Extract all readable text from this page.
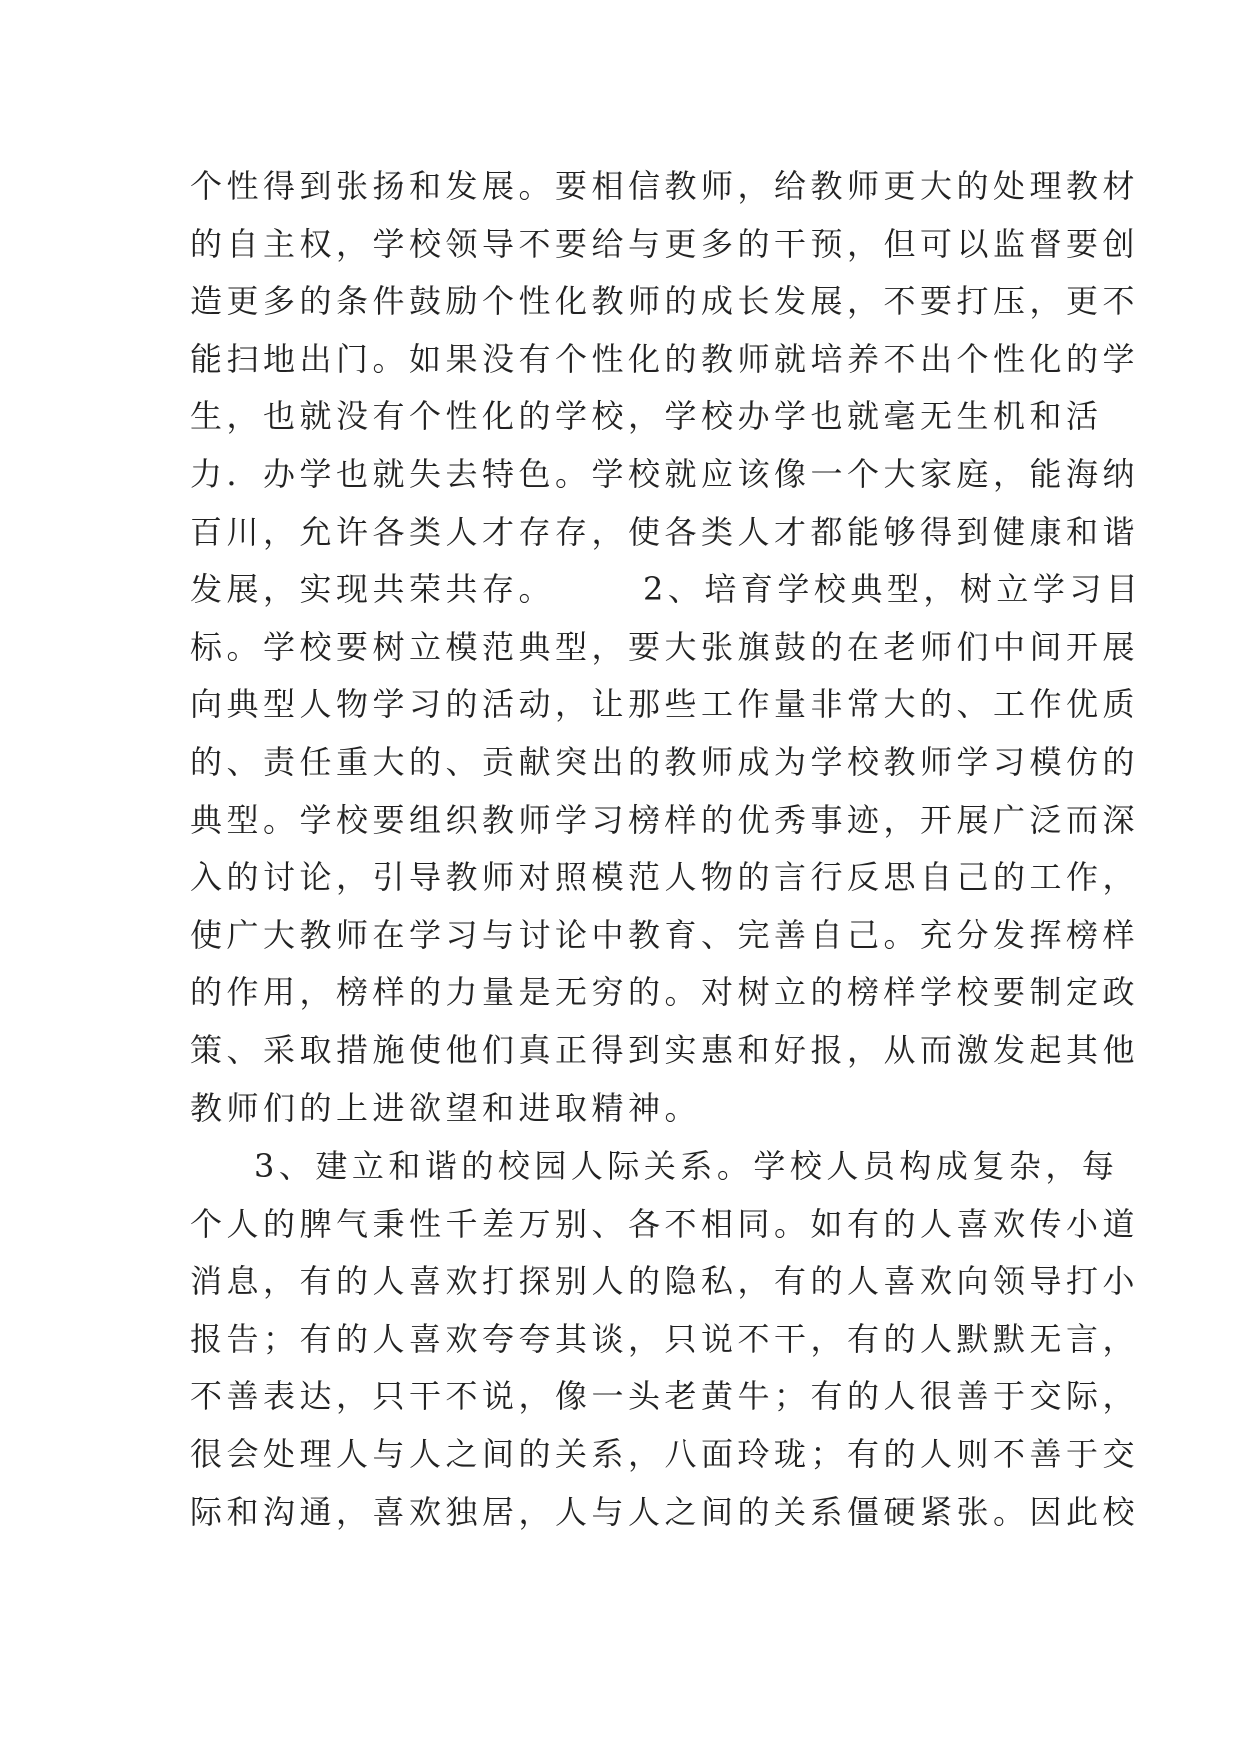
个性得到张扬和发展。要相信教师，给教师更大的处理教材
的自主权，学校领导不要给与更多的干预，但可以监督要创
造更多的条件鼓励个性化教师的成长发展，不要打压，更不
能扫地出门。如果没有个性化的教师就培养不出个性化的学
生，也就没有个性化的学校，学校办学也就毫无生机和活
力．办学也就失去特色。学校就应该像一个大家庭，能海纳
百川，允许各类人才存存，使各类人才都能够得到健康和谐
发展，实现共荣共存。      2、培育学校典型，树立学习目
标。学校要树立模范典型，要大张旗鼓的在老师们中间开展
向典型人物学习的活动，让那些工作量非常大的、工作优质
的、责任重大的、贡献突出的教师成为学校教师学习模仿的
典型。学校要组织教师学习榜样的优秀事迹，开展广泛而深
入的讨论，引导教师对照模范人物的言行反思自己的工作，
使广大教师在学习与讨论中教育、完善自己。充分发挥榜样
的作用，榜样的力量是无穷的。对树立的榜样学校要制定政
策、采取措施使他们真正得到实惠和好报，从而激发起其他
教师们的上进欲望和进取精神。
3、建立和谐的校园人际关系。学校人员构成复杂，每
个人的脾气秉性千差万别、各不相同。如有的人喜欢传小道
消息，有的人喜欢打探别人的隐私，有的人喜欢向领导打小
报告；有的人喜欢夸夸其谈，只说不干，有的人默默无言，
不善表达，只干不说，像一头老黄牛；有的人很善于交际，
很会处理人与人之间的关系，八面玲珑；有的人则不善于交
际和沟通，喜欢独居，人与人之间的关系僵硬紧张。因此校
